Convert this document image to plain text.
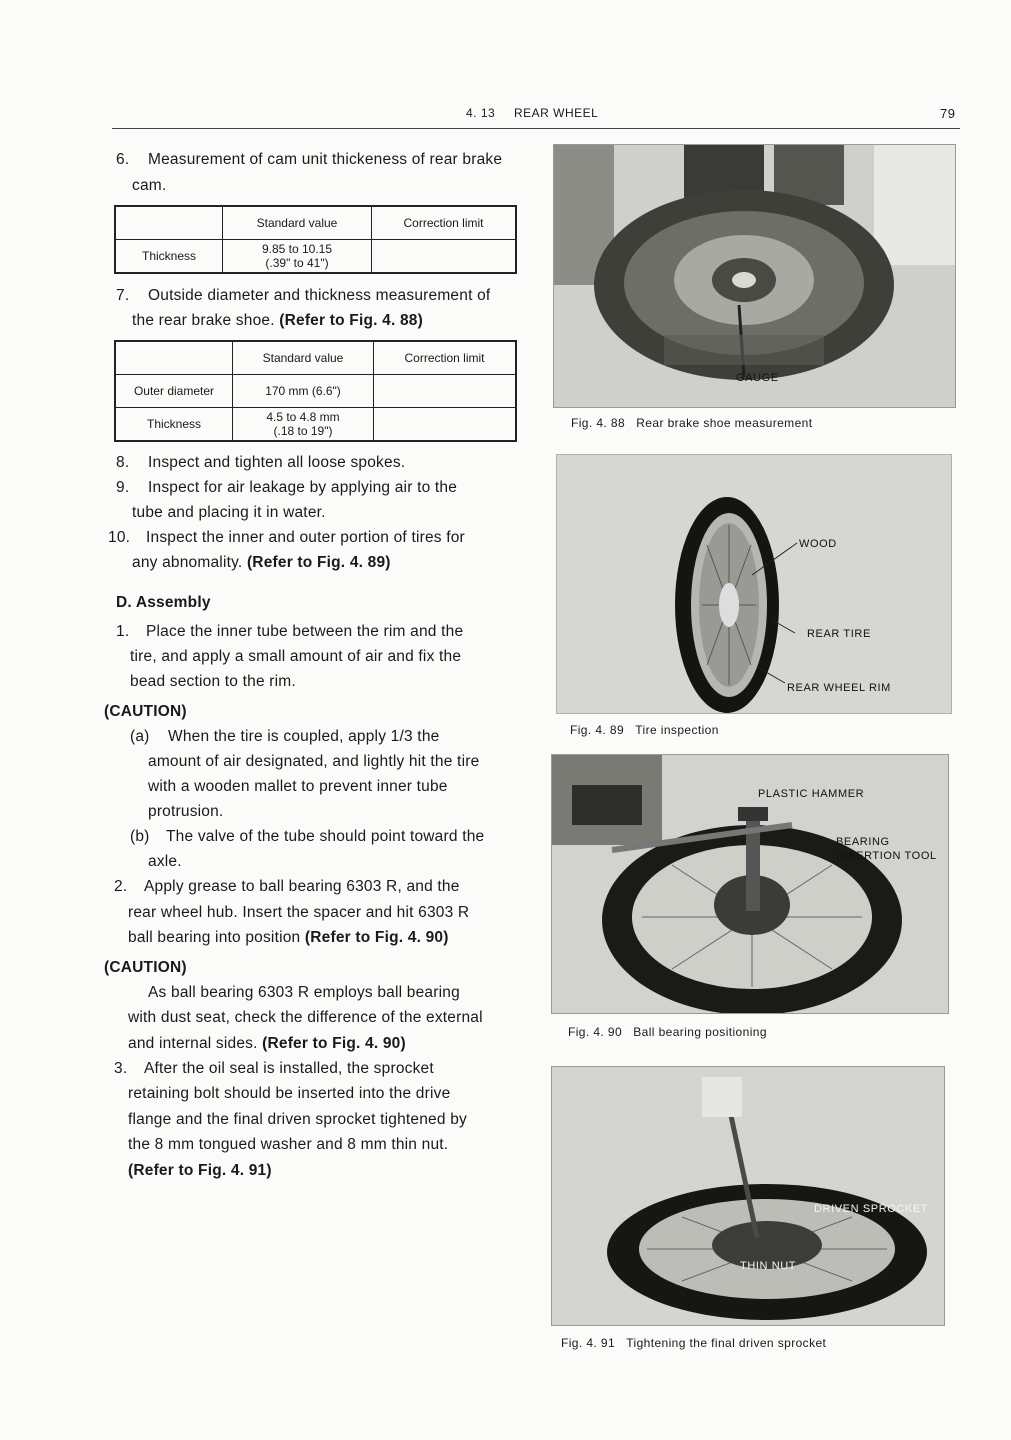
4. 13 REAR WHEEL	79
6. Measurement of cam unit thickeness of rear brake
cam.
	Standard value	Correction limit
Thickness	9.85 to 10.15
(.39" to 41")	

7. Outside diameter and thickness measurement of
the rear brake shoe. (Refer to Fig. 4. 88)
	Standard value	Correction limit
Outer diameter	170 mm (6.6")	
Thickness	4.5 to 4.8 mm
(.18 to 19")	

8. Inspect and tighten all loose spokes.
9. Inspect for air leakage by applying air to the
tube and placing it in water.
10. Inspect the inner and outer portion of tires for
any abnomality. (Refer to Fig. 4. 89)
D. Assembly
1. Place the inner tube between the rim and the
tire, and apply a small amount of air and fix the
bead section to the rim.
(CAUTION)
(a) When the tire is coupled, apply 1/3 the
amount of air designated, and lightly hit the tire
with a wooden mallet to prevent inner tube
protrusion.
(b) The valve of the tube should point toward the
axle.
2. Apply grease to ball bearing 6303 R, and the
rear wheel hub. Insert the spacer and hit 6303 R
ball bearing into position (Refer to Fig. 4. 90)
(CAUTION)
As ball bearing 6303 R employs ball bearing
with dust seat, check the difference of the external
and internal sides. (Refer to Fig. 4. 90)
3. After the oil seal is installed, the sprocket
retaining bolt should be inserted into the drive
flange and the final driven sprocket tightened by
the 8 mm tongued washer and 8 mm thin nut.
(Refer to Fig. 4. 91)
GAUGE
Fig. 4. 88 Rear brake shoe measurement
WOOD
REAR TIRE
REAR WHEEL RIM
Fig. 4. 89 Tire inspection
PLASTIC HAMMER
BEARING
INSERTION TOOL
Fig. 4. 90 Ball bearing positioning
DRIVEN SPROCKET
THIN NUT
Fig. 4. 91 Tightening the final driven sprocket
